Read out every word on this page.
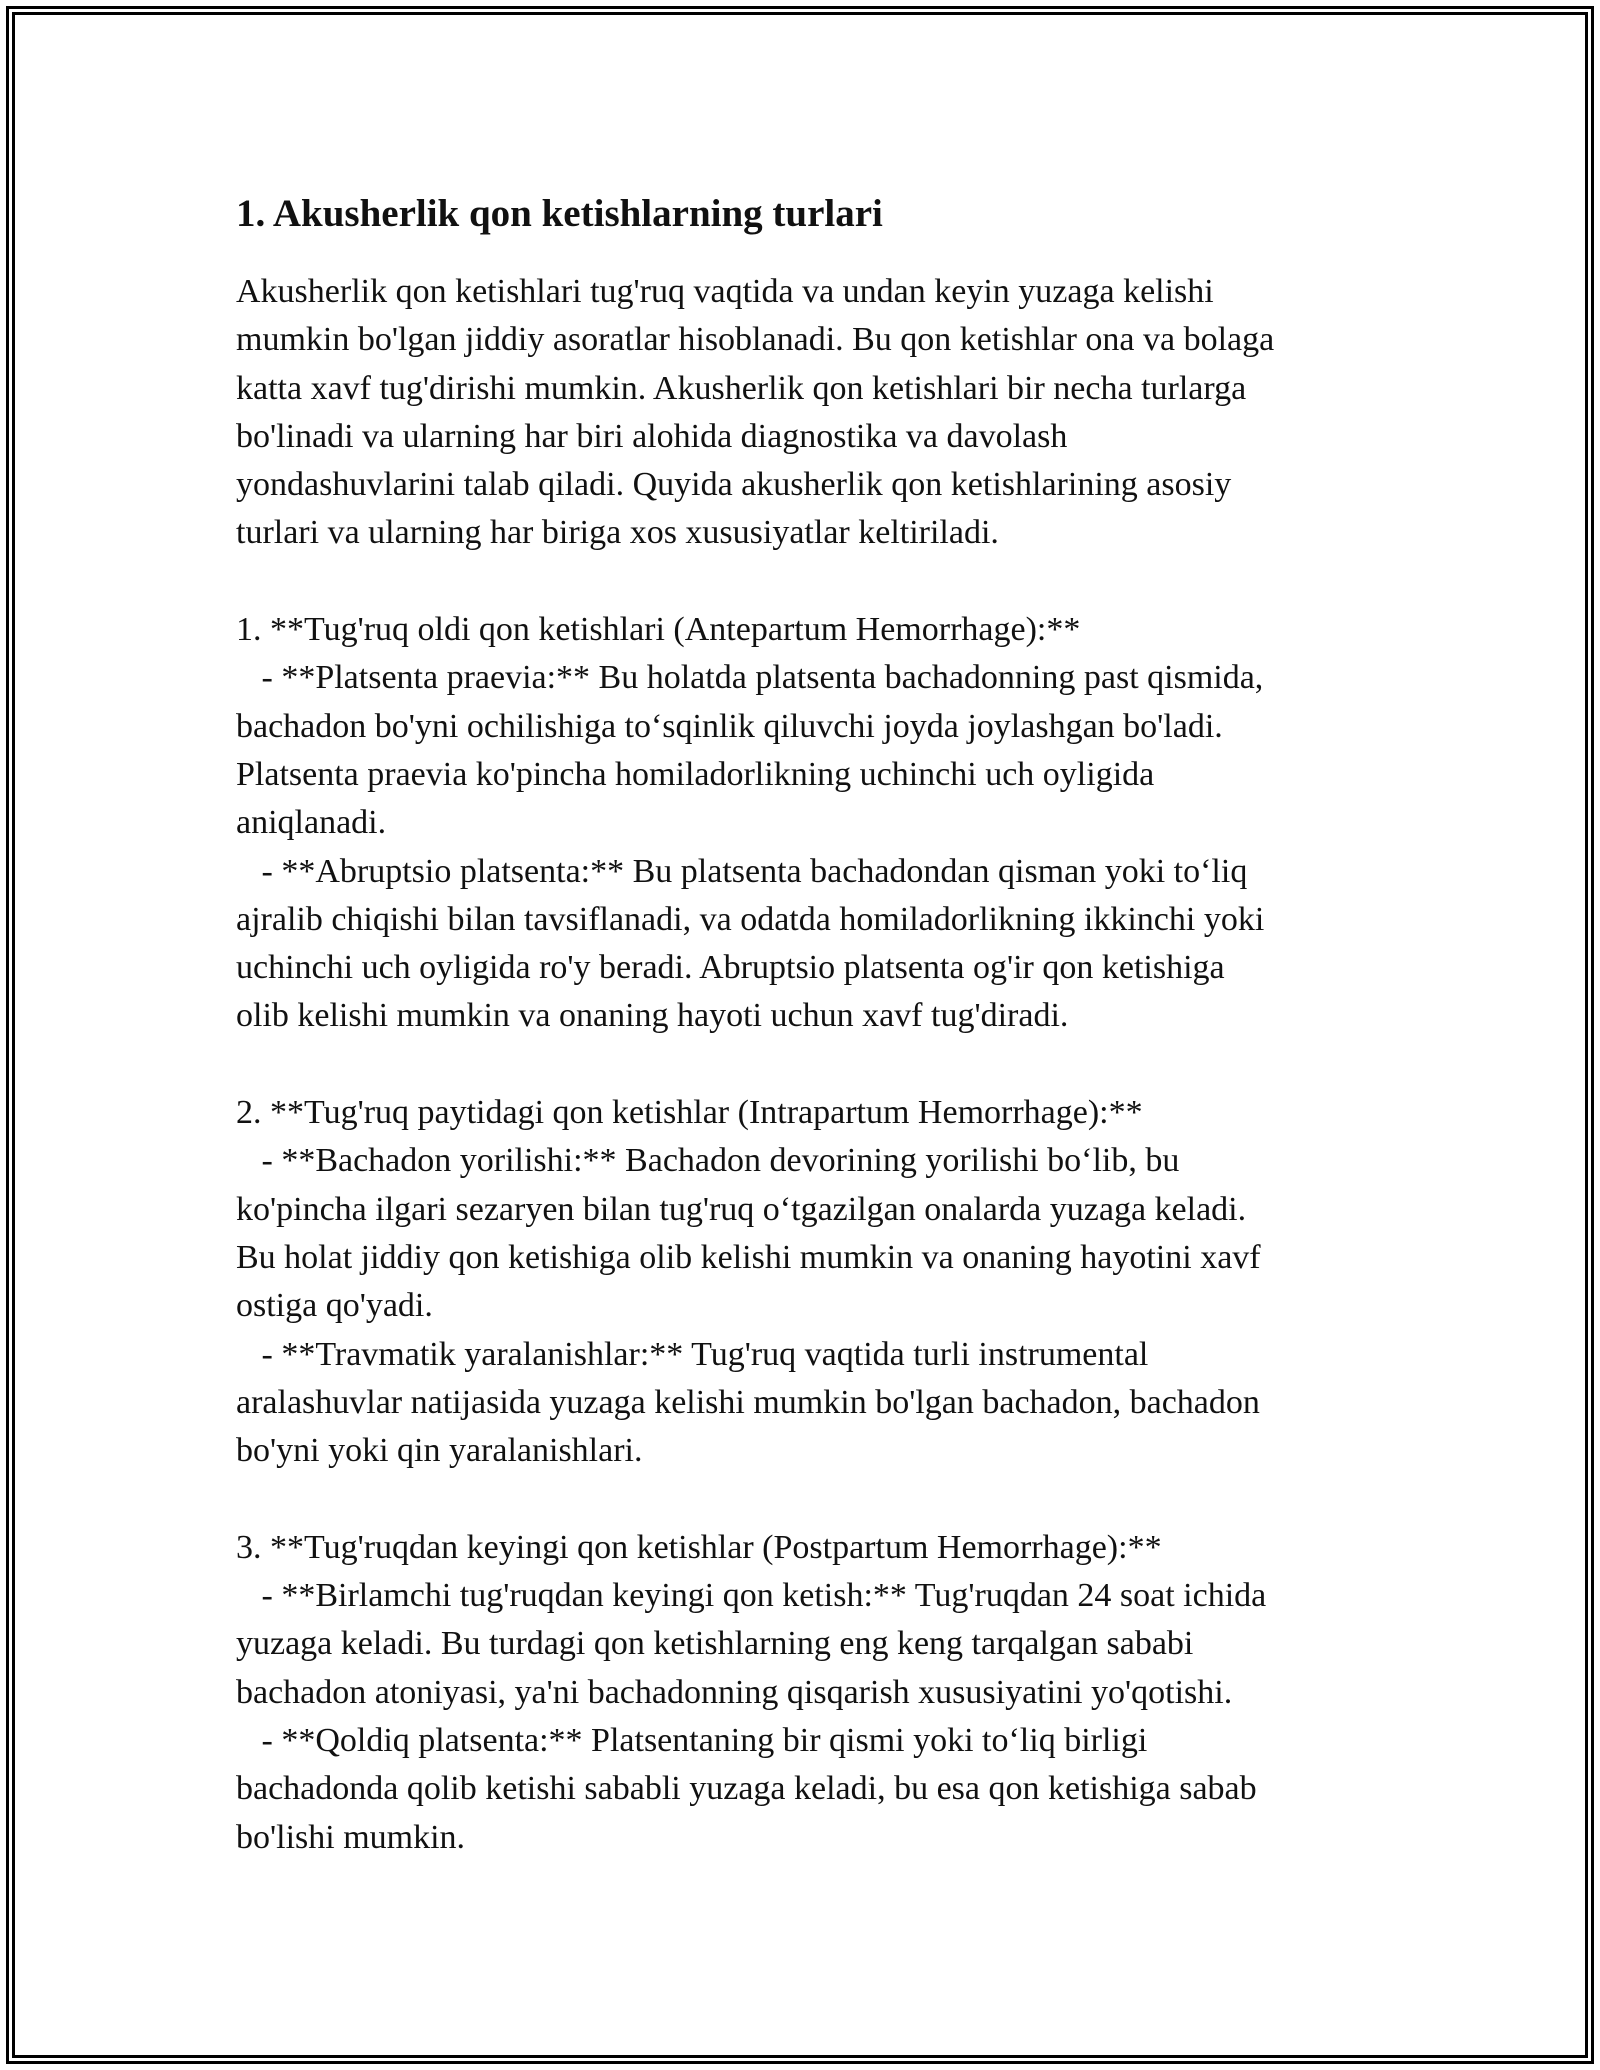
1. Akusherlik qon ketishlarning turlari
Akusherlik qon ketishlari tug'ruq vaqtida va undan keyin yuzaga kelishi
mumkin bo'lgan jiddiy asoratlar hisoblanadi. Bu qon ketishlar ona va bolaga
katta xavf tug'dirishi mumkin. Akusherlik qon ketishlari bir necha turlarga
bo'linadi va ularning har biri alohida diagnostika va davolash
yondashuvlarini talab qiladi. Quyida akusherlik qon ketishlarining asosiy
turlari va ularning har biriga xos xususiyatlar keltiriladi.

1. **Tug'ruq oldi qon ketishlari (Antepartum Hemorrhage):**
- **Platsenta praevia:** Bu holatda platsenta bachadonning past qismida,
bachadon bo'yni ochilishiga to‘sqinlik qiluvchi joyda joylashgan bo'ladi.
Platsenta praevia ko'pincha homiladorlikning uchinchi uch oyligida
aniqlanadi.
- **Abruptsio platsenta:** Bu platsenta bachadondan qisman yoki to‘liq
ajralib chiqishi bilan tavsiflanadi, va odatda homiladorlikning ikkinchi yoki
uchinchi uch oyligida ro'y beradi. Abruptsio platsenta og'ir qon ketishiga
olib kelishi mumkin va onaning hayoti uchun xavf tug'diradi.

2. **Tug'ruq paytidagi qon ketishlar (Intrapartum Hemorrhage):**
- **Bachadon yorilishi:** Bachadon devorining yorilishi bo‘lib, bu
ko'pincha ilgari sezaryen bilan tug'ruq o‘tgazilgan onalarda yuzaga keladi.
Bu holat jiddiy qon ketishiga olib kelishi mumkin va onaning hayotini xavf
ostiga qo'yadi.
- **Travmatik yaralanishlar:** Tug'ruq vaqtida turli instrumental
aralashuvlar natijasida yuzaga kelishi mumkin bo'lgan bachadon, bachadon
bo'yni yoki qin yaralanishlari.

3. **Tug'ruqdan keyingi qon ketishlar (Postpartum Hemorrhage):**
- **Birlamchi tug'ruqdan keyingi qon ketish:** Tug'ruqdan 24 soat ichida
yuzaga keladi. Bu turdagi qon ketishlarning eng keng tarqalgan sababi
bachadon atoniyasi, ya'ni bachadonning qisqarish xususiyatini yo'qotishi.
- **Qoldiq platsenta:** Platsentaning bir qismi yoki to‘liq birligi
bachadonda qolib ketishi sababli yuzaga keladi, bu esa qon ketishiga sabab
bo'lishi mumkin.
